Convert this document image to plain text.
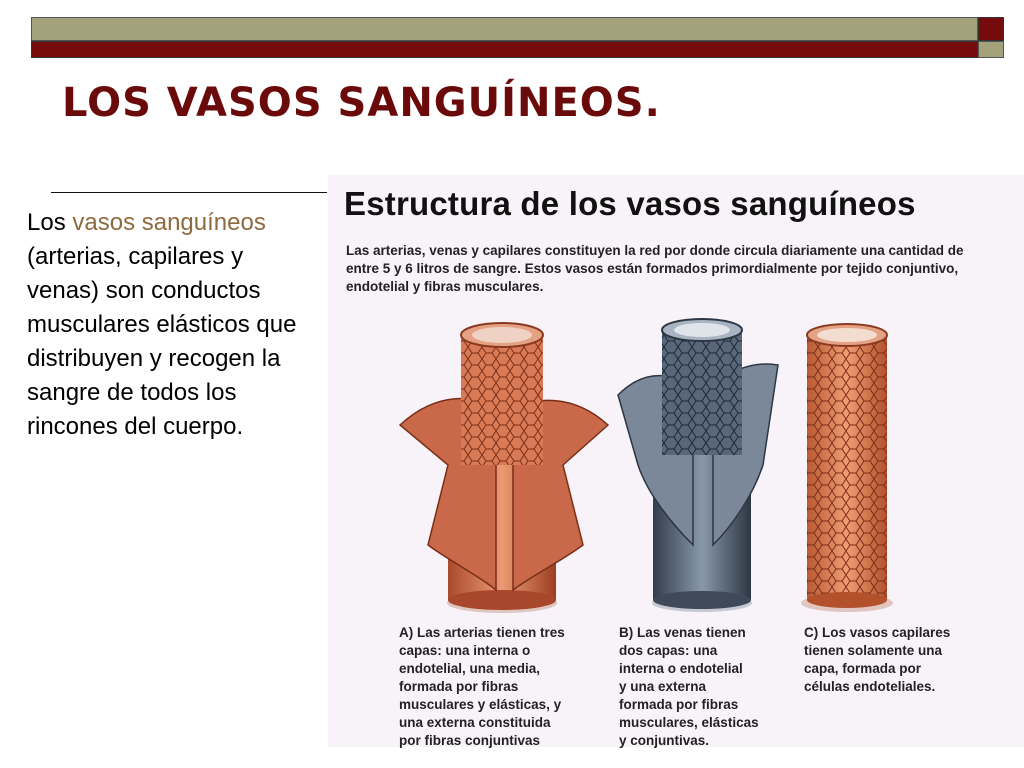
LOS VASOS SANGUÍNEOS.
Los vasos sanguíneos (arterias, capilares y venas) son conductos musculares elásticos que distribuyen y recogen la sangre de todos los rincones del cuerpo.
Estructura de los vasos sanguíneos
Las arterias, venas y capilares constituyen la red por donde circula diariamente una cantidad de entre 5 y 6 litros de sangre. Estos vasos están formados primordialmente por tejido conjuntivo, endotelial y fibras musculares.
A) Las arterias tienen tres
capas: una interna o
endotelial, una media,
formada por fibras
musculares y elásticas, y
una externa constituida
por fibras conjuntivas
B) Las venas tienen
dos capas: una
interna o endotelial
y una externa
formada por fibras
musculares, elásticas
y conjuntivas.
C) Los vasos capilares
tienen solamente una
capa, formada por
células endoteliales.
